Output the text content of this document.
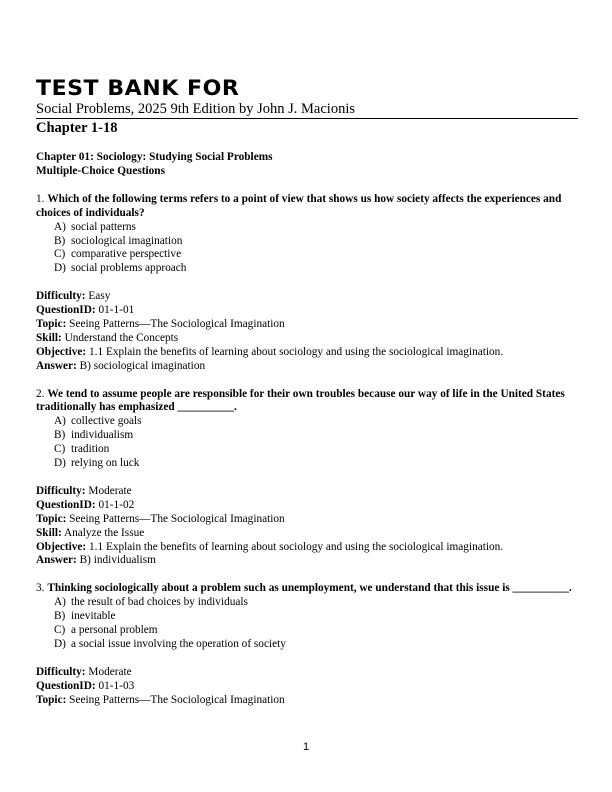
TEST BANK FOR
Social Problems, 2025 9th Edition by John J. Macionis
Chapter 1-18

Chapter 01: Sociology: Studying Social Problems

Multiple-Choice Questions

1. Which of the following terms refers to a point of view that shows us how society affects the experiences and choices of individuals?

A) social patterns
B) sociological imagination
C) comparative perspective
D) social problems approach

Difficulty: Easy

QuestionID: 01-1-01

Topic: Seeing Patterns—The Sociological Imagination

Skill: Understand the Concepts

Objective: 1.1 Explain the benefits of learning about sociology and using the sociological imagination.

Answer: B) sociological imagination

2. We tend to assume people are responsible for their own troubles because our way of life in the United States traditionally has emphasized __________.

A) collective goals
B) individualism
C) tradition
D) relying on luck

Difficulty: Moderate

QuestionID: 01-1-02

Topic: Seeing Patterns—The Sociological Imagination

Skill: Analyze the Issue

Objective: 1.1 Explain the benefits of learning about sociology and using the sociological imagination.

Answer: B) individualism

3. Thinking sociologically about a problem such as unemployment, we understand that this issue is __________.

A) the result of bad choices by individuals
B) inevitable
C) a personal problem
D) a social issue involving the operation of society

Difficulty: Moderate

QuestionID: 01-1-03

Topic: Seeing Patterns—The Sociological Imagination

1
